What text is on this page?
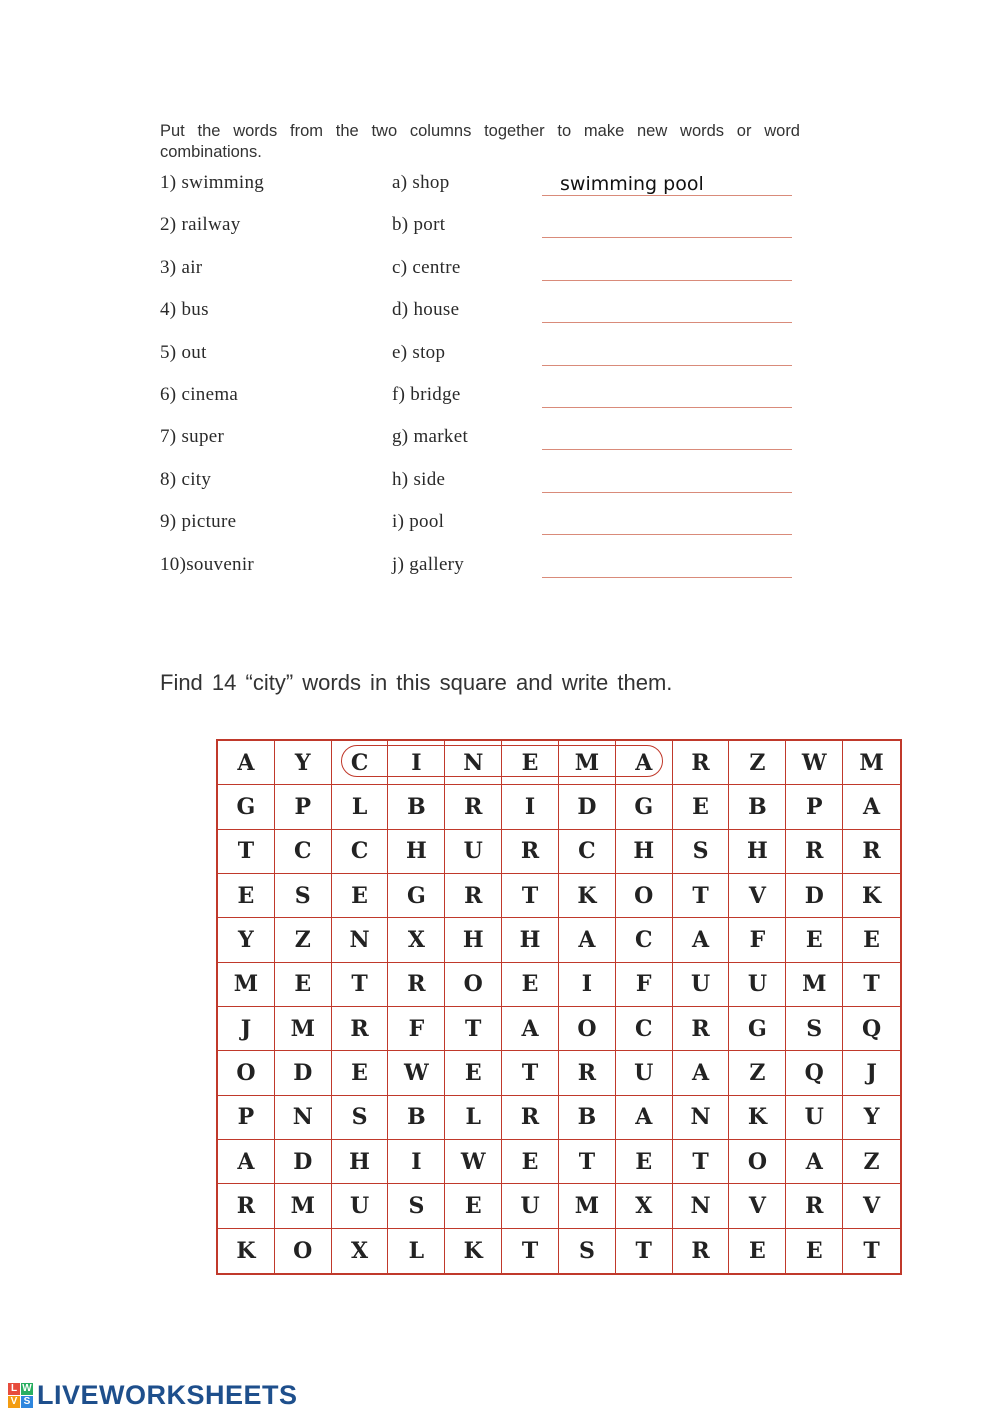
Put the words from the two columns together to make new words or word combinations.

1) swimming	a) shop
swimming pool
2) railway	b) port
3) air	c) centre
4) bus	d) house
5) out	e) stop
6) cinema	f) bridge
7) super	g) market
8) city	h) side
9) picture	i) pool
10)souvenir	j) gallery
Find 14 “city” words in this square and write them.
A	Y	C	I	N	E	M	A	R	Z	W	M
G	P	L	B	R	I	D	G	E	B	P	A
T	C	C	H	U	R	C	H	S	H	R	R
E	S	E	G	R	T	K	O	T	V	D	K
Y	Z	N	X	H	H	A	C	A	F	E	E
M	E	T	R	O	E	I	F	U	U	M	T
J	M	R	F	T	A	O	C	R	G	S	Q
O	D	E	W	E	T	R	U	A	Z	Q	J
P	N	S	B	L	R	B	A	N	K	U	Y
A	D	H	I	W	E	T	E	T	O	A	Z
R	M	U	S	E	U	M	X	N	V	R	V
K	O	X	L	K	T	S	T	R	E	E	T
L W
V S LIVEWORKSHEETS
